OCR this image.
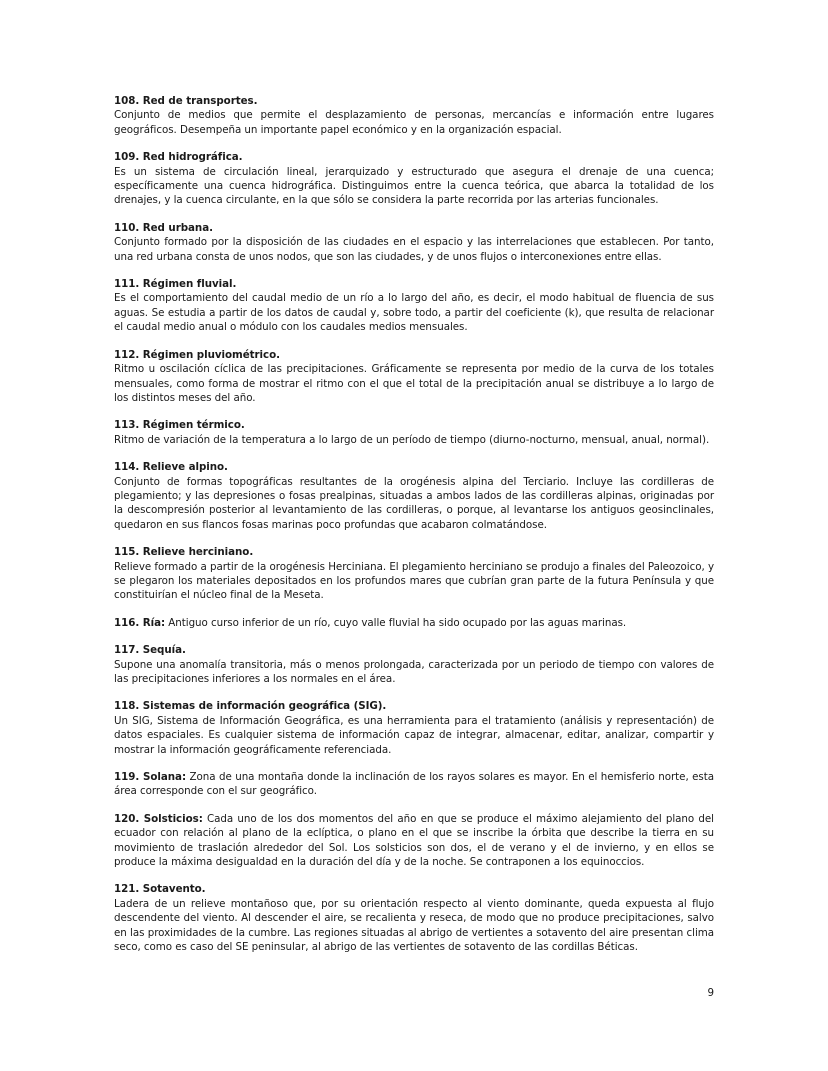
108. Red de transportes.
Conjunto de medios que permite el desplazamiento de personas, mercancías e información entre lugares geográficos. Desempeña un importante papel económico y en la organización espacial.
109. Red hidrográfica.
Es un sistema de circulación lineal, jerarquizado y estructurado que asegura el drenaje de una cuenca; específicamente una cuenca hidrográfica. Distinguimos entre la cuenca teórica, que abarca la totalidad de los drenajes, y la cuenca circulante, en la que sólo se considera la parte recorrida por las arterias funcionales.
110. Red urbana.
Conjunto formado por la disposición de las ciudades en el espacio y las interrelaciones que establecen. Por tanto, una red urbana consta de unos nodos, que son las ciudades, y de unos flujos o interconexiones entre ellas.
111. Régimen fluvial.
Es el comportamiento del caudal medio de un río a lo largo del año, es decir, el modo habitual de fluencia de sus aguas. Se estudia a partir de los datos de caudal y, sobre todo, a partir del coeficiente (k), que resulta de relacionar el caudal medio anual o módulo con los caudales medios mensuales.
112. Régimen pluviométrico.
Ritmo u oscilación cíclica de las precipitaciones. Gráficamente se representa por medio de la curva de los totales mensuales, como forma de mostrar el ritmo con el que el total de la precipitación anual se distribuye a lo largo de los distintos meses del año.
113. Régimen térmico.
Ritmo de variación de la temperatura a lo largo de un período de tiempo (diurno-nocturno, mensual, anual, normal).
114. Relieve alpino.
Conjunto de formas topográficas resultantes de la orogénesis alpina del Terciario. Incluye las cordilleras de plegamiento; y las depresiones o fosas prealpinas, situadas a ambos lados de las cordilleras alpinas, originadas por la descompresión posterior al levantamiento de las cordilleras, o porque, al levantarse los antiguos geosinclinales, quedaron en sus flancos fosas marinas poco profundas que acabaron colmatándose.
115. Relieve herciniano.
Relieve formado a partir de la orogénesis Herciniana. El plegamiento herciniano se produjo a finales del Paleozoico, y se plegaron los materiales depositados en los profundos mares que cubrían gran parte de la futura Península y que constituirían el núcleo final de la Meseta.
116. Ría: Antiguo curso inferior de un río, cuyo valle fluvial ha sido ocupado por las aguas marinas.
117. Sequía.
Supone una anomalía transitoria, más o menos prolongada, caracterizada por un periodo de tiempo con valores de las precipitaciones inferiores a los normales en el área.
118. Sistemas de información geográfica (SIG).
Un SIG, Sistema de Información Geográfica, es una herramienta para el tratamiento (análisis y representación) de datos espaciales. Es cualquier sistema de información capaz de integrar, almacenar, editar, analizar, compartir y mostrar la información geográficamente referenciada.
119. Solana: Zona de una montaña donde la inclinación de los rayos solares es mayor. En el hemisferio norte, esta área corresponde con el sur geográfico.
120. Solsticios: Cada uno de los dos momentos del año en que se produce el máximo alejamiento del plano del ecuador con relación al plano de la eclíptica, o plano en el que se inscribe la órbita que describe la tierra en su movimiento de traslación alrededor del Sol. Los solsticios son dos, el de verano y el de invierno, y en ellos se produce la máxima desigualdad en la duración del día y de la noche. Se contraponen a los equinoccios.
121. Sotavento.
Ladera de un relieve montañoso que, por su orientación respecto al viento dominante, queda expuesta al flujo descendente del viento. Al descender el aire, se recalienta y reseca, de modo que no produce precipitaciones, salvo en las proximidades de la cumbre. Las regiones situadas al abrigo de vertientes a sotavento del aire presentan clima seco, como es caso del SE peninsular, al abrigo de las vertientes de sotavento de las cordillas Béticas.
9
